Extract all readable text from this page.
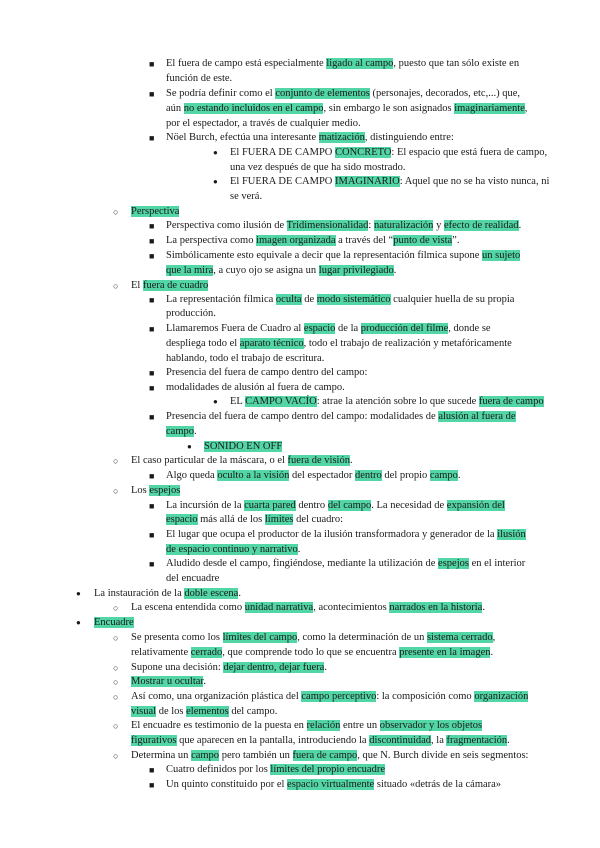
■ El fuera de campo está especialmente ligado al campo, puesto que tan sólo existe en
función de este.
■ Se podría definir como el conjunto de elementos (personajes, decorados, etc,...) que,
aún no estando incluidos en el campo, sin embargo le son asignados imaginariamente,
por el espectador, a través de cualquier medio.
■ Nöel Burch, efectúa una interesante matización, distinguiendo entre:
● El FUERA DE CAMPO CONCRETO: El espacio que está fuera de campo,
una vez después de que ha sido mostrado.
● El FUERA DE CAMPO IMAGINARIO: Aquel que no se ha visto nunca, ni
se verá.
○ Perspectiva
■ Perspectiva como ilusión de Tridimensionalidad: naturalización y efecto de realidad.
■ La perspectiva como imagen organizada a través del “punto de vista”.
■ Simbólicamente esto equivale a decir que la representación fílmica supone un sujeto
que la mira, a cuyo ojo se asigna un lugar privilegiado.
○ El fuera de cuadro
■ La representación fílmica oculta de modo sistemático cualquier huella de su propia
producción.
■ Llamaremos Fuera de Cuadro al espacio de la producción del filme, donde se
despliega todo el aparato técnico, todo el trabajo de realización y metafóricamente
hablando, todo el trabajo de escritura.
■ Presencia del fuera de campo dentro del campo:
■ modalidades de alusión al fuera de campo.
● EL CAMPO VACÍO: atrae la atención sobre lo que sucede fuera de campo
■ Presencia del fuera de campo dentro del campo: modalidades de alusión al fuera de
campo.
● SONIDO EN OFF
○ El caso particular de la máscara, o el fuera de visión.
■ Algo queda oculto a la visión del espectador dentro del propio campo.
○ Los espejos
■ La incursión de la cuarta pared dentro del campo. La necesidad de expansión del
espacio más allá de los límites del cuadro:
■ El lugar que ocupa el productor de la ilusión transformadora y generador de la ilusión
de espacio continuo y narrativo.
■ Aludido desde el campo, fingiéndose, mediante la utilización de espejos en el interior
del encuadre
● La instauración de la doble escena.
○ La escena entendida como unidad narrativa, acontecimientos narrados en la historia.
● Encuadre
○ Se presenta como los límites del campo, como la determinación de un sistema cerrado,
relativamente cerrado, que comprende todo lo que se encuentra presente en la imagen.
○ Supone una decisión: dejar dentro, dejar fuera.
○ Mostrar u ocultar.
○ Así como, una organización plástica del campo perceptivo: la composición como organización
visual de los elementos del campo.
○ El encuadre es testimonio de la puesta en relación entre un observador y los objetos
figurativos que aparecen en la pantalla, introduciendo la discontinuidad, la fragmentación.
○ Determina un campo pero también un fuera de campo, que N. Burch divide en seis segmentos:
■ Cuatro definidos por los límites del propio encuadre
■ Un quinto constituido por el espacio virtualmente situado «detrás de la cámara»
